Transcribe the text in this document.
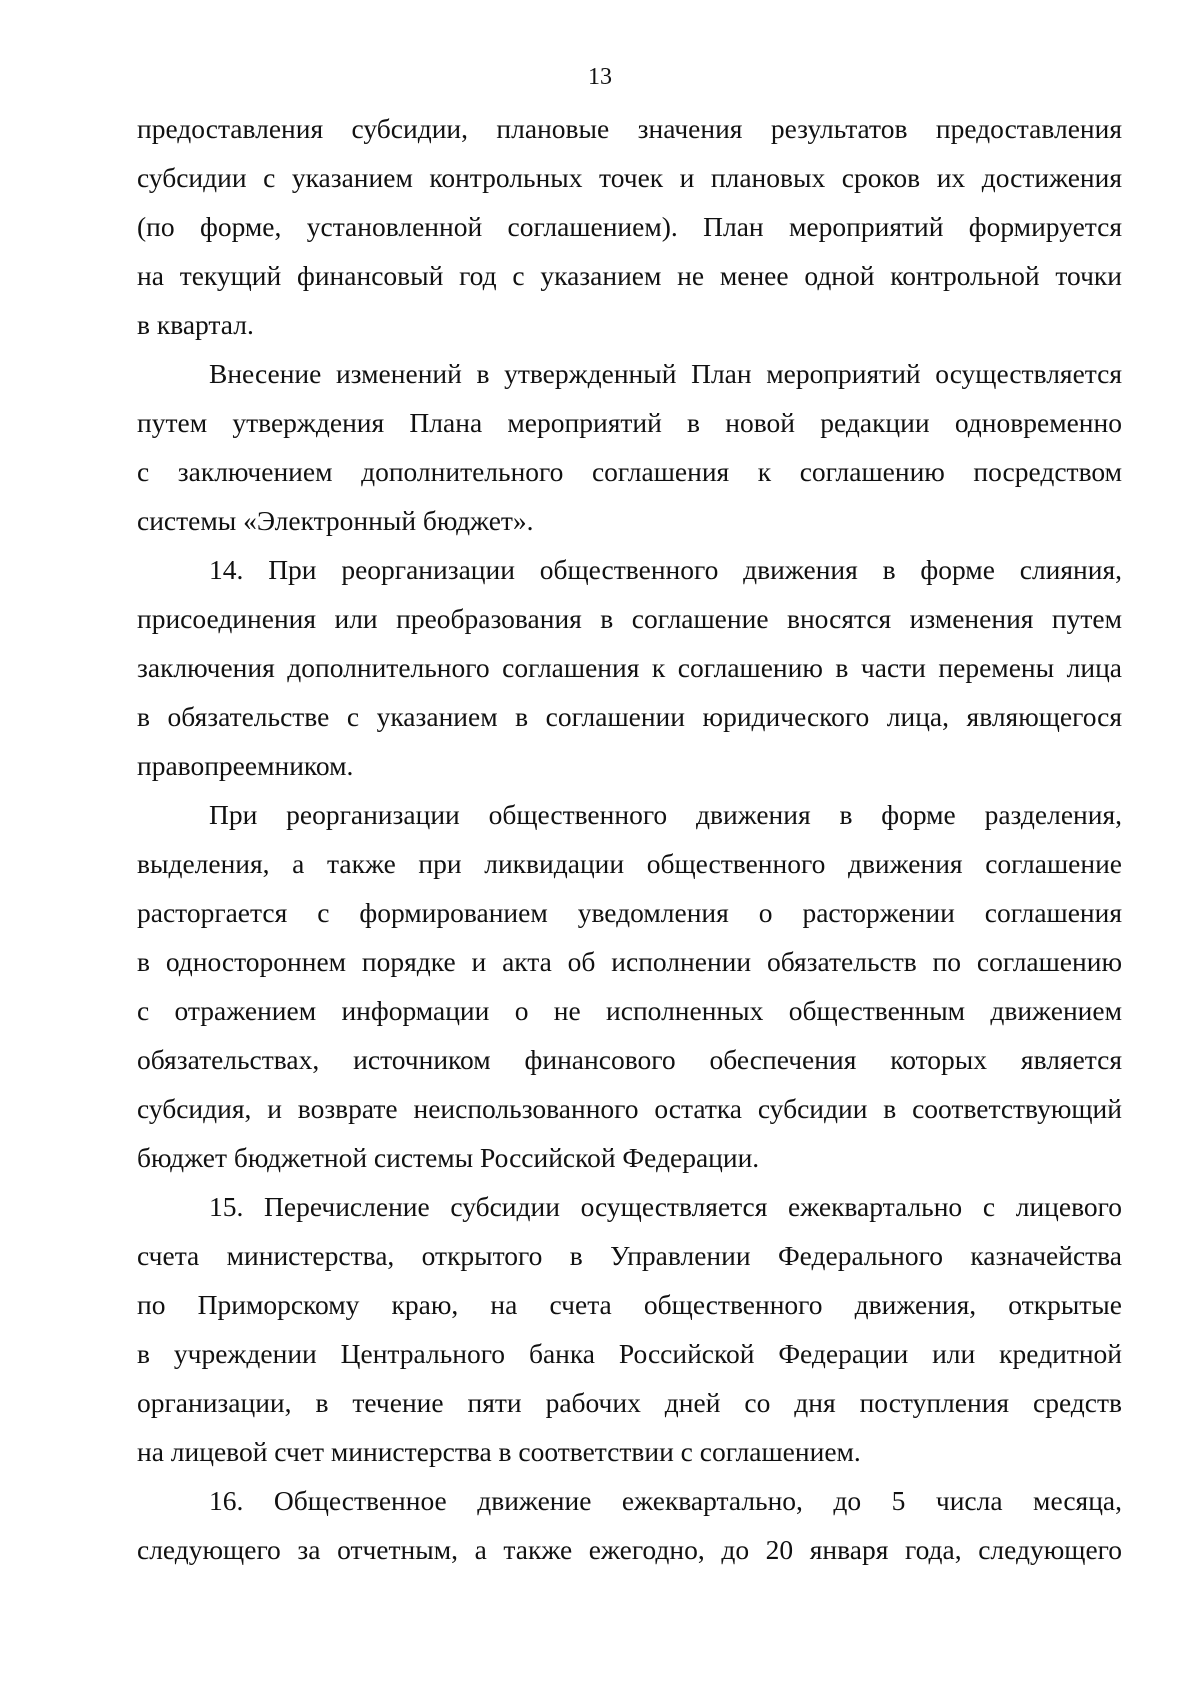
13
предоставления субсидии, плановые значения результатов предоставления
субсидии с указанием контрольных точек и плановых сроков их достижения
(по форме, установленной соглашением). План мероприятий формируется
на текущий финансовый год с указанием не менее одной контрольной точки
в квартал.
Внесение изменений в утвержденный План мероприятий осуществляется
путем утверждения Плана мероприятий в новой редакции одновременно
с заключением дополнительного соглашения к соглашению посредством
системы «Электронный бюджет».
14. При реорганизации общественного движения в форме слияния,
присоединения или преобразования в соглашение вносятся изменения путем
заключения дополнительного соглашения к соглашению в части перемены лица
в обязательстве с указанием в соглашении юридического лица, являющегося
правопреемником.
При реорганизации общественного движения в форме разделения,
выделения, а также при ликвидации общественного движения соглашение
расторгается с формированием уведомления о расторжении соглашения
в одностороннем порядке и акта об исполнении обязательств по соглашению
с отражением информации о не исполненных общественным движением
обязательствах, источником финансового обеспечения которых является
субсидия, и возврате неиспользованного остатка субсидии в соответствующий
бюджет бюджетной системы Российской Федерации.
15. Перечисление субсидии осуществляется ежеквартально с лицевого
счета министерства, открытого в Управлении Федерального казначейства
по Приморскому краю, на счета общественного движения, открытые
в учреждении Центрального банка Российской Федерации или кредитной
организации, в течение пяти рабочих дней со дня поступления средств
на лицевой счет министерства в соответствии с соглашением.
16. Общественное движение ежеквартально, до 5 числа месяца,
следующего за отчетным, а также ежегодно, до 20 января года, следующего
